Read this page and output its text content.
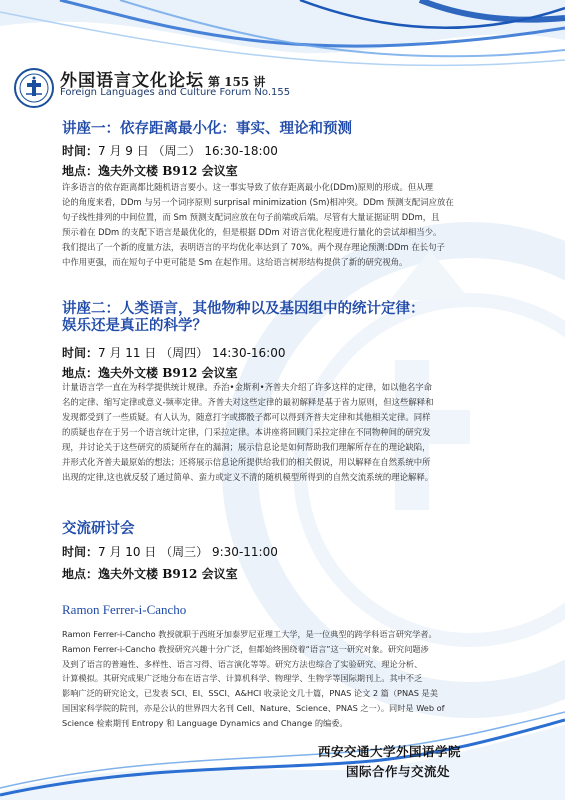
外国语言文化论坛 第 155 讲
Foreign Languages and Culture Forum No.155
讲座一：依存距离最小化：事实、理论和预测
时间：7 月 9 日 （周二） 16:30-18:00
地点：逸夫外文楼 B912 会议室
许多语言的依存距离都比随机语言要小。这一事实导致了依存距离最小化(DDm)原则的形成。但从理
论的角度来看，DDm 与另一个词序原则 surprisal minimization (Sm)相冲突。DDm 预测支配词应放在
句子线性排列的中间位置，而 Sm 预测支配词应放在句子前端或后端。尽管有大量证据证明 DDm，且
预示着在 DDm 的支配下语言是最优化的，但是根据 DDm 对语言优化程度进行量化的尝试却相当少。
我们提出了一个新的度量方法，表明语言的平均优化率达到了 70%。两个现存理论预测:DDm 在长句子
中作用更强，而在短句子中更可能是 Sm 在起作用。这给语言树形结构提供了新的研究视角。
讲座二：人类语言，其他物种以及基因组中的统计定律：
娱乐还是真正的科学？
时间：7 月 11 日 （周四） 14:30-16:00
地点：逸夫外文楼 B912 会议室
计量语言学一直在为科学提供统计规律。乔治•金斯利•齐普夫介绍了许多这样的定律，如以他名字命
名的定律、缩写定律或意义-频率定律。齐普夫对这些定律的最初解释是基于省力原则，但这些解释和
发现都受到了一些质疑。有人认为，随意打字或掷骰子都可以得到齐普夫定律和其他相关定律。同样
的质疑也存在于另一个语言统计定律，门采拉定律。本讲座将回顾门采拉定律在不同物种间的研究发
现，并讨论关于这些研究的质疑所存在的漏洞；展示信息论是如何帮助我们理解所存在的理论缺陷，
并形式化齐普夫最原始的想法；还将展示信息论所提供给我们的相关假说，用以解释在自然系统中所
出现的定律,这也就反驳了通过简单、蛮力或定义不清的随机模型所得到的自然交流系统的理论解释。
交流研讨会
时间：7 月 10 日 （周三） 9:30-11:00
地点：逸夫外文楼 B912 会议室
Ramon Ferrer-i-Cancho
Ramon Ferrer-i-Cancho 教授就职于西班牙加泰罗尼亚理工大学，是一位典型的跨学科语言研究学者。
Ramon Ferrer-i-Cancho 教授研究兴趣十分广泛，但都始终围绕着“语言”这一研究对象。研究问题涉
及到了语言的普遍性、多样性、语言习得、语言演化等等。研究方法也综合了实验研究、理论分析、
计算模拟。其研究成果广泛地分布在语言学、计算机科学、物理学、生物学等国际期刊上。其中不乏
影响广泛的研究论文，已发表 SCI、EI、SSCI、A&HCI 收录论文几十篇，PNAS 论文 2 篇（PNAS 是美
国国家科学院的院刊，亦是公认的世界四大名刊 Cell、Nature、Science、PNAS 之一）。同时是 Web of
Science 检索期刊 Entropy 和 Language Dynamics and Change 的编委。
西安交通大学外国语学院
国际合作与交流处
